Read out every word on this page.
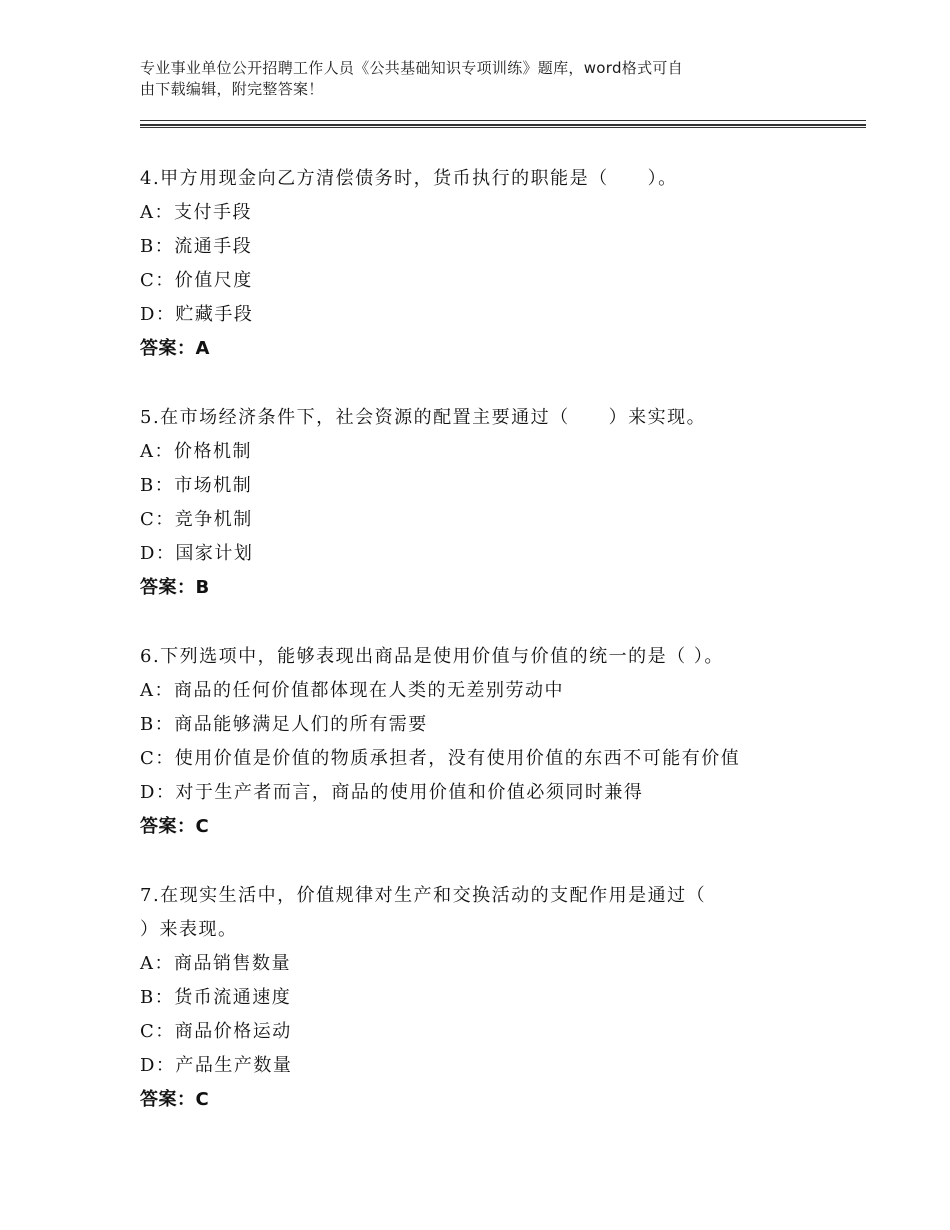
专业事业单位公开招聘工作人员《公共基础知识专项训练》题库，word格式可自
由下载编辑，附完整答案！

4.甲方用现金向乙方清偿债务时，货币执行的职能是（　　）。

A：支付手段

B：流通手段

C：价值尺度

D：贮藏手段

答案：A

5.在市场经济条件下，社会资源的配置主要通过（　　）来实现。

A：价格机制

B：市场机制

C：竞争机制

D：国家计划

答案：B

6.下列选项中，能够表现出商品是使用价值与价值的统一的是（ ）。

A：商品的任何价值都体现在人类的无差别劳动中

B：商品能够满足人们的所有需要

C：使用价值是价值的物质承担者，没有使用价值的东西不可能有价值

D：对于生产者而言，商品的使用价值和价值必须同时兼得

答案：C

7.在现实生活中，价值规律对生产和交换活动的支配作用是通过（

）来表现。

A：商品销售数量

B：货币流通速度

C：商品价格运动

D：产品生产数量

答案：C
